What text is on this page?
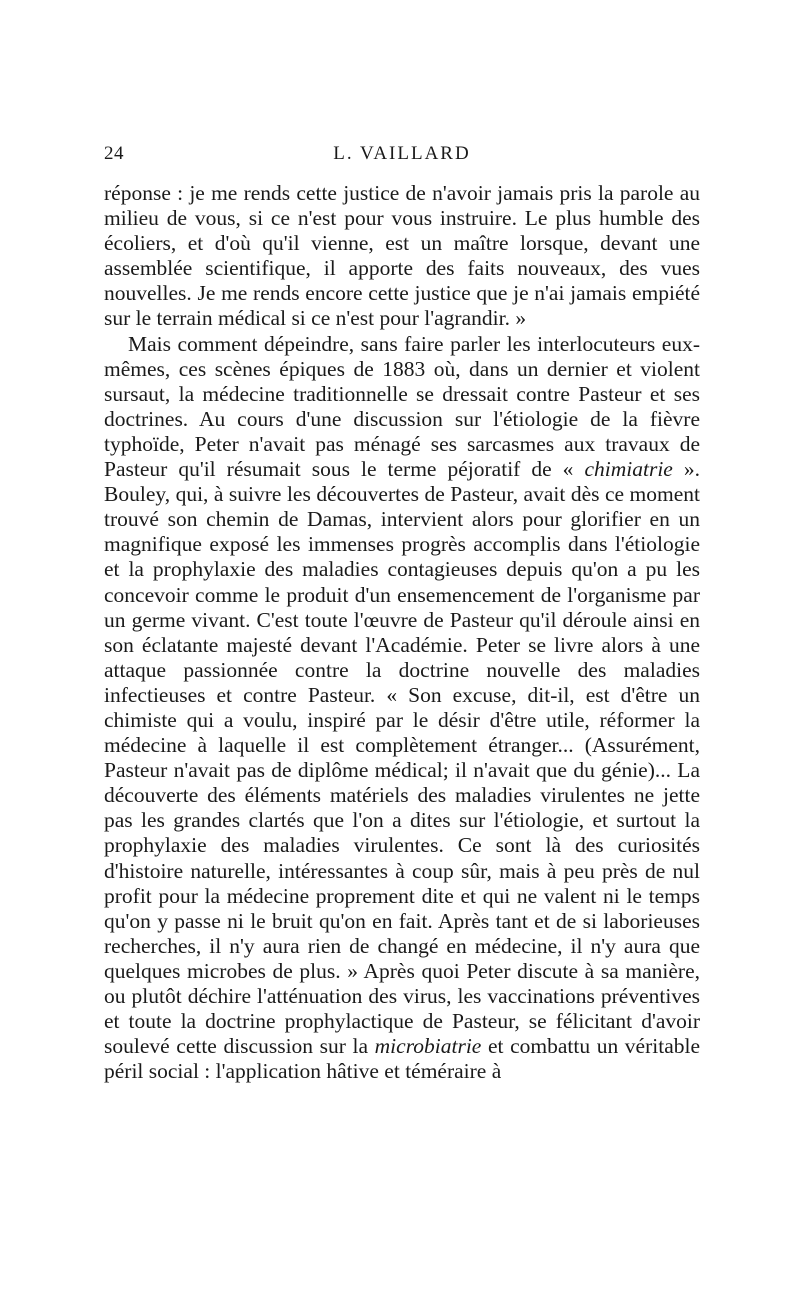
24	L. VAILLARD

réponse : je me rends cette justice de n'avoir jamais pris la parole au milieu de vous, si ce n'est pour vous instruire. Le plus humble des écoliers, et d'où qu'il vienne, est un maître lorsque, devant une assemblée scientifique, il apporte des faits nouveaux, des vues nouvelles. Je me rends encore cette justice que je n'ai jamais empiété sur le terrain médical si ce n'est pour l'agrandir. »

Mais comment dépeindre, sans faire parler les interlocuteurs eux-mêmes, ces scènes épiques de 1883 où, dans un dernier et violent sursaut, la médecine traditionnelle se dressait contre Pasteur et ses doctrines. Au cours d'une discussion sur l'étiologie de la fièvre typhoïde, Peter n'avait pas ménagé ses sarcasmes aux travaux de Pasteur qu'il résumait sous le terme péjoratif de « chimiatrie ». Bouley, qui, à suivre les découvertes de Pasteur, avait dès ce moment trouvé son chemin de Damas, intervient alors pour glorifier en un magnifique exposé les immenses progrès accomplis dans l'étiologie et la prophylaxie des maladies contagieuses depuis qu'on a pu les concevoir comme le produit d'un ensemencement de l'organisme par un germe vivant. C'est toute l'œuvre de Pasteur qu'il déroule ainsi en son éclatante majesté devant l'Académie. Peter se livre alors à une attaque passionnée contre la doctrine nouvelle des maladies infectieuses et contre Pasteur. « Son excuse, dit-il, est d'être un chimiste qui a voulu, inspiré par le désir d'être utile, réformer la médecine à laquelle il est complètement étranger... (Assurément, Pasteur n'avait pas de diplôme médical; il n'avait que du génie)... La découverte des éléments matériels des maladies virulentes ne jette pas les grandes clartés que l'on a dites sur l'étiologie, et surtout la prophylaxie des maladies virulentes. Ce sont là des curiosités d'histoire naturelle, intéressantes à coup sûr, mais à peu près de nul profit pour la médecine proprement dite et qui ne valent ni le temps qu'on y passe ni le bruit qu'on en fait. Après tant et de si laborieuses recherches, il n'y aura rien de changé en médecine, il n'y aura que quelques microbes de plus. » Après quoi Peter discute à sa manière, ou plutôt déchire l'atténuation des virus, les vaccinations préventives et toute la doctrine prophylactique de Pasteur, se félicitant d'avoir soulevé cette discussion sur la microbiatrie et combattu un véritable péril social : l'application hâtive et téméraire à
